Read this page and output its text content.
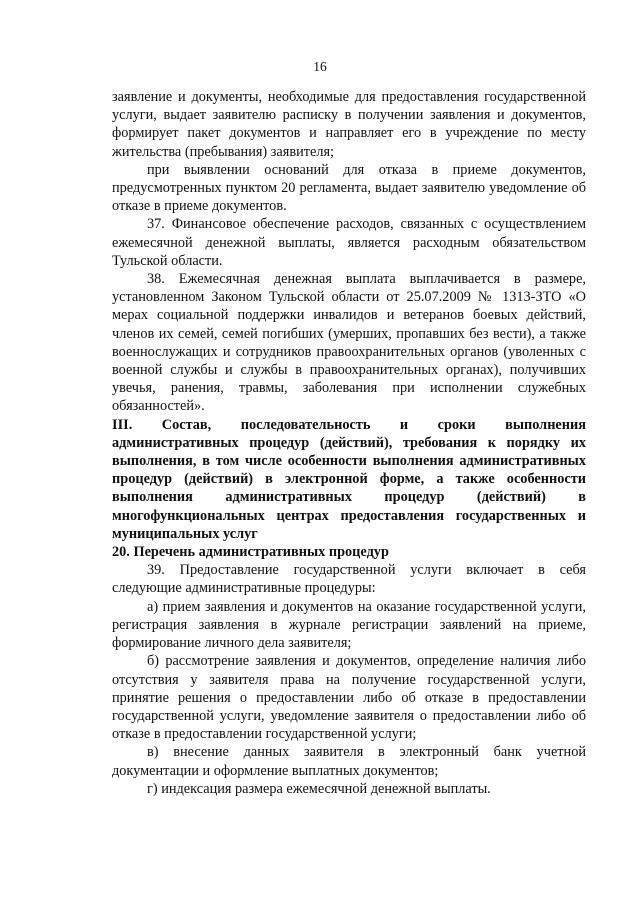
16

заявление и документы, необходимые для предоставления государственной услуги, выдает заявителю расписку в получении заявления и документов, формирует пакет документов и направляет его в учреждение по месту жительства (пребывания) заявителя;

при выявлении оснований для отказа в приеме документов, предусмотренных пунктом 20 регламента, выдает заявителю уведомление об отказе в приеме документов.

37. Финансовое обеспечение расходов, связанных с осуществлением ежемесячной денежной выплаты, является расходным обязательством Тульской области.

38. Ежемесячная денежная выплата выплачивается в размере, установленном Законом Тульской области от 25.07.2009 № 1313-ЗТО «О мерах социальной поддержки инвалидов и ветеранов боевых действий, членов их семей, семей погибших (умерших, пропавших без вести), а также военнослужащих и сотрудников правоохранительных органов (уволенных с военной службы и службы в правоохранительных органах), получивших увечья, ранения, травмы, заболевания при исполнении служебных обязанностей».

III. Состав, последовательность и сроки выполнения административных процедур (действий), требования к порядку их выполнения, в том числе особенности выполнения административных процедур (действий) в электронной форме, а также особенности выполнения административных процедур (действий) в многофункциональных центрах предоставления государственных и муниципальных услуг

20. Перечень административных процедур

39. Предоставление государственной услуги включает в себя следующие административные процедуры:

а) прием заявления и документов на оказание государственной услуги, регистрация заявления в журнале регистрации заявлений на приеме, формирование личного дела заявителя;

б) рассмотрение заявления и документов, определение наличия либо отсутствия у заявителя права на получение государственной услуги, принятие решения о предоставлении либо об отказе в предоставлении государственной услуги, уведомление заявителя о предоставлении либо об отказе в предоставлении государственной услуги;

в) внесение данных заявителя в электронный банк учетной документации и оформление выплатных документов;

г) индексация размера ежемесячной денежной выплаты.
